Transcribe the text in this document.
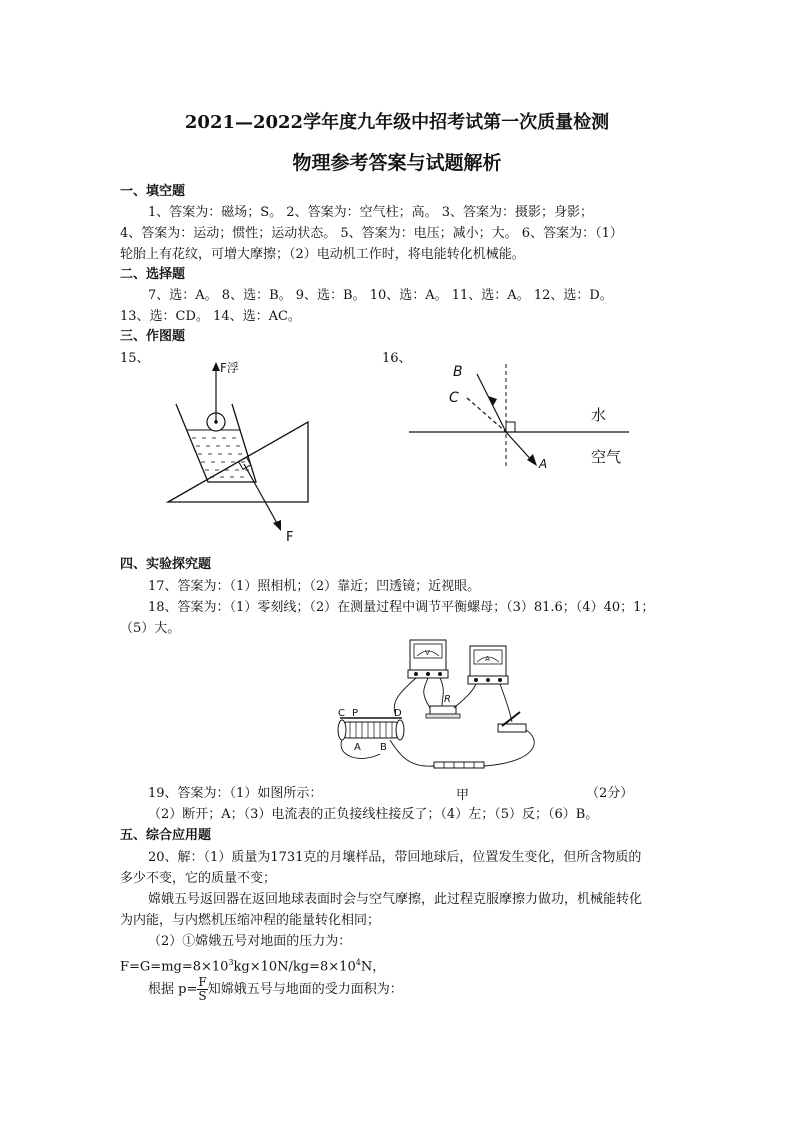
2021—2022学年度九年级中招考试第一次质量检测
物理参考答案与试题解析
一、填空题
1、答案为：磁场；S。 2、答案为：空气柱；高。 3、答案为：摄影；身影；
4、答案为：运动；惯性；运动状态。 5、答案为：电压；减小；大。 6、答案为：（1）
轮胎上有花纹，可增大摩擦；（2）电动机工作时，将电能转化机械能。
二、选择题
7、选：A。 8、选：B。 9、选：B。 10、选：A。 11、选：A。 12、选：D。
13、选：CD。 14、选：AC。
三、作图题
15、	16、
F浮
F
B
C
A
水
空气
四、实验探究题
17、答案为：（1）照相机；（2）靠近；凹透镜；近视眼。
18、答案为：（1）零刻线；（2）在测量过程中调节平衡螺母；（3）81.6；（4）40；1；
（5）大。
V
A
R
C P	D
A B
19、答案为：（1）如图所示：	甲	（2分）
（2）断开；A；（3）电流表的正负接线柱接反了；（4）左；（5）反；（6）B。
五、综合应用题
20、解：（1）质量为1731克的月壤样品，带回地球后，位置发生变化，但所含物质的
多少不变，它的质量不变；
嫦娥五号返回器在返回地球表面时会与空气摩擦，此过程克服摩擦力做功，机械能转化
为内能，与内燃机压缩冲程的能量转化相同；
（2）①嫦娥五号对地面的压力为：
$F=G=mg=8\times 10^3kg\times 10N/kg=8\times 10^4N$，
根据 $p= \frac{F}{S}$ 知嫦娥五号与地面的受力面积为：
